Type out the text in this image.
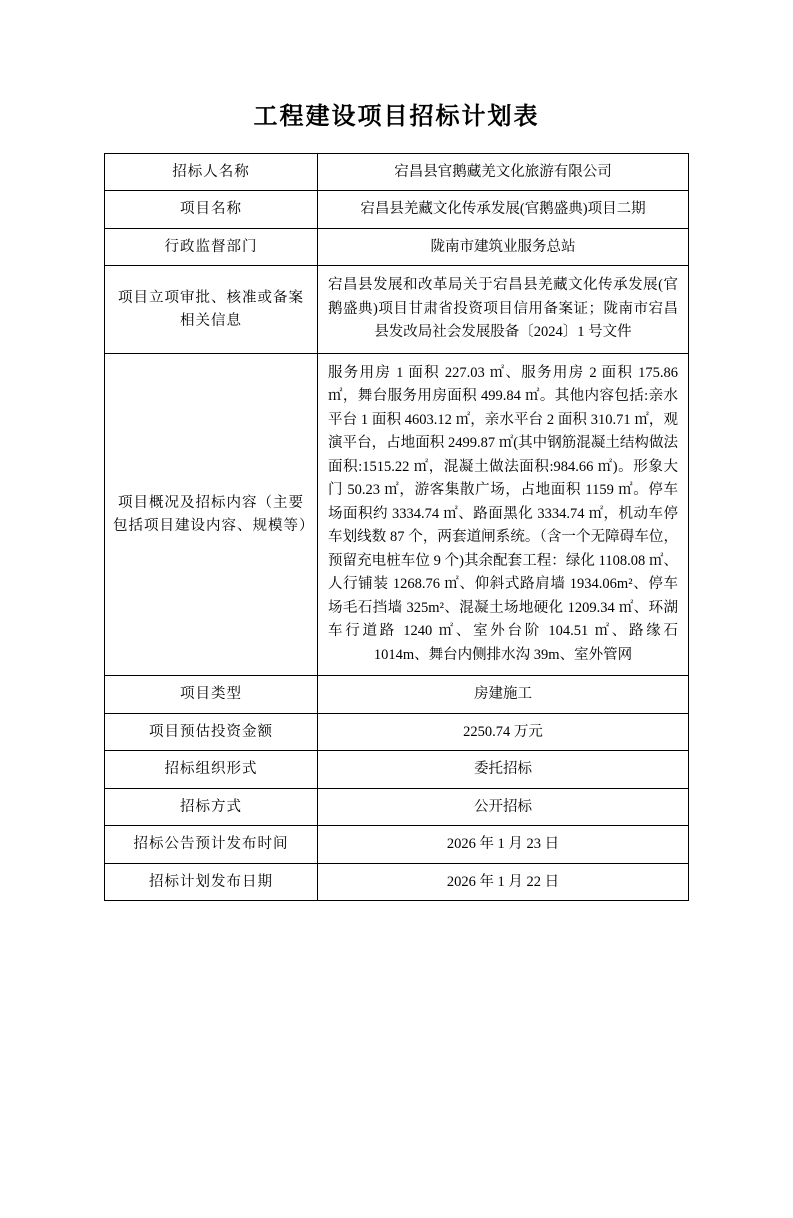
工程建设项目招标计划表
招标人名称	宕昌县官鹅藏羌文化旅游有限公司

项目名称	宕昌县羌藏文化传承发展(官鹅盛典)项目二期

行政监督部门	陇南市建筑业服务总站

项目立项审批、核准或备案相关信息	宕昌县发展和改革局关于宕昌县羌藏文化传承发展(官鹅盛典)项目甘肃省投资项目信用备案证；陇南市宕昌县发改局社会发展股备〔2024〕1 号文件

项目概况及招标内容（主要包括项目建设内容、规模等）	服务用房 1 面积 227.03 ㎡、服务用房 2 面积 175.86 ㎡，舞台服务用房面积 499.84 ㎡。其他内容包括:亲水平台 1 面积 4603.12 ㎡，亲水平台 2 面积 310.71 ㎡，观演平台，占地面积 2499.87 ㎡(其中钢筋混凝土结构做法面积:1515.22 ㎡，混凝土做法面积:984.66 ㎡)。形象大门 50.23 ㎡，游客集散广场，占地面积 1159 ㎡。停车场面积约 3334.74 ㎡、路面黑化 3334.74 ㎡，机动车停车划线数 87 个，两套道闸系统。（含一个无障碍车位，预留充电桩车位 9 个)其余配套工程：绿化 1108.08 ㎡、人行铺装 1268.76 ㎡、仰斜式路肩墙 1934.06m²、停车场毛石挡墙 325m²、混凝土场地硬化 1209.34 ㎡、环湖车行道路 1240 ㎡、室外台阶 104.51 ㎡、路缘石 1014m、舞台内侧排水沟 39m、室外管网

项目类型	房建施工

项目预估投资金额	2250.74 万元

招标组织形式	委托招标

招标方式	公开招标

招标公告预计发布时间	2026 年 1 月 23 日

招标计划发布日期	2026 年 1 月 22 日
